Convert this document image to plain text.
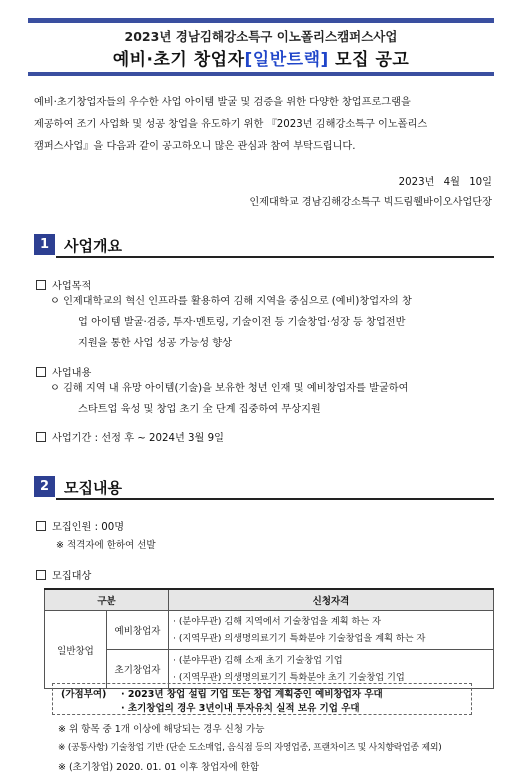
2023년 경남김해강소특구 이노폴리스캠퍼스사업
예비·초기 창업자[일반트랙] 모집 공고
예비·초기창업자들의 우수한 사업 아이템 발굴 및 검증을 위한 다양한 창업프로그램을
제공하여 조기 사업화 및 성공 창업을 유도하기 위한 『2023년 김해강소특구 이노폴리스
캠퍼스사업』을 다음과 같이 공고하오니 많은 관심과 참여 부탁드립니다.
2023년 4월 10일
인제대학교 경남김해강소특구 빅드림웰바이오사업단장
1 사업개요
사업목적
ㅇ 인제대학교의 혁신 인프라를 활용하여 김해 지역을 중심으로 (예비)창업자의 창
업 아이템 발굴·검증, 투자·멘토링, 기술이전 등 기술창업·성장 등 창업전반
지원을 통한 사업 성공 가능성 향상
사업내용
ㅇ 김해 지역 내 유망 아이템(기술)을 보유한 청년 인재 및 예비창업자를 발굴하여
스타트업 육성 및 창업 초기 全 단계 집중하여 무상지원
사업기간 : 선정 후 ~ 2024년 3월 9일
2 모집내용
모집인원 : 00명
※ 적격자에 한하여 선발
모집대상
구분		신청자격
일반창업	예비창업자	· (분야무관) 김해 지역에서 기술창업을 계획 하는 자
· (지역무관) 의생명의료기기 특화분야 기술창업을 계획 하는 자

	초기창업자	· (분야무관) 김해 소재 초기 기술창업 기업
· (지역무관) 의생명의료기기 특화분야 초기 기술창업 기업
(가점부여) · 2023년 창업 설립 기업 또는 창업 계획중인 예비창업자 우대
· 초기창업의 경우 3년이내 투자유치 실적 보유 기업 우대
※ 위 항목 중 1개 이상에 해당되는 경우 신청 가능
※ (공통사항) 기술창업 기반 (단순 도소매업, 음식점 등의 자영업종, 프랜차이즈 및 사치향락업종 제외)
※ (초기창업) 2020. 01. 01 이후 창업자에 한함
